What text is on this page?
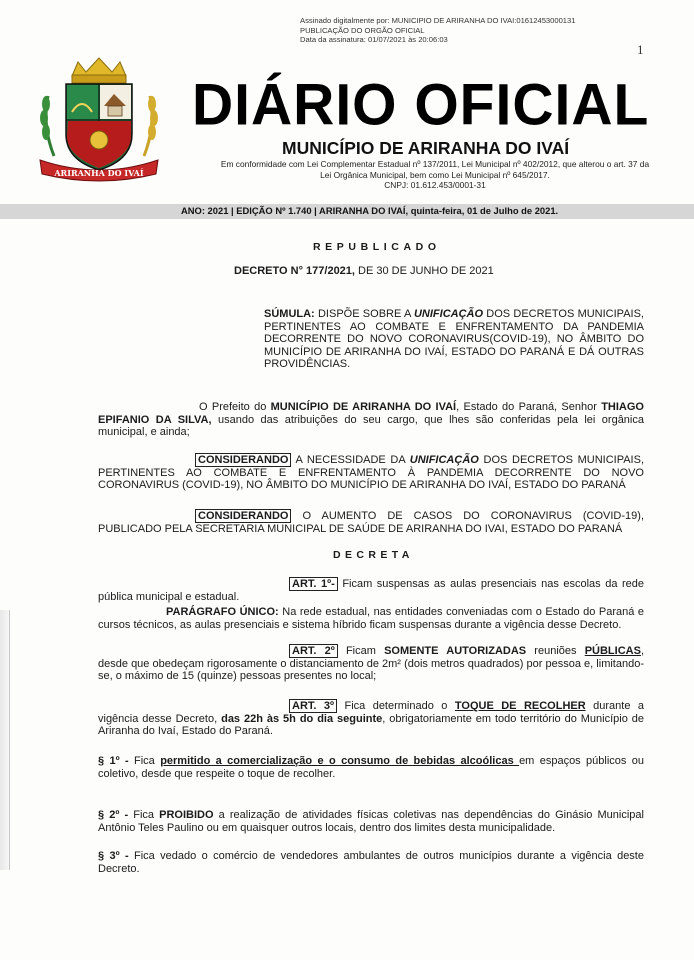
Assinado digitalmente por: MUNICIPIO DE ARIRANHA DO IVAI:01612453000131
PUBLICAÇÃO DO ORGÃO OFICIAL
Data da assinatura: 01/07/2021 às 20:06:03
1
ARIRANHA DO IVAÍ
DIÁRIO OFICIAL
MUNICÍPIO DE ARIRANHA DO IVAÍ
Em conformidade com Lei Complementar Estadual nº 137/2011, Lei Municipal nº 402/2012, que alterou o art. 37 da
Lei Orgânica Municipal, bem como Lei Municipal nº 645/2017.
CNPJ: 01.612.453/0001-31
ANO: 2021 | EDIÇÃO Nº 1.740 | ARIRANHA DO IVAÍ, quinta-feira, 01 de Julho de 2021.
REPUBLICADO
DECRETO N° 177/2021, DE 30 DE JUNHO DE 2021
SÚMULA: DISPÕE SOBRE A UNIFICAÇÃO DOS DECRETOS MUNICIPAIS, PERTINENTES AO COMBATE E ENFRENTAMENTO DA PANDEMIA DECORRENTE DO NOVO CORONAVIRUS(COVID-19), NO ÂMBITO DO MUNICÍPIO DE ARIRANHA DO IVAÍ, ESTADO DO PARANÁ E DÁ OUTRAS PROVIDÊNCIAS.
O Prefeito do MUNICÍPIO DE ARIRANHA DO IVAÍ, Estado do Paraná, Senhor THIAGO EPIFANIO DA SILVA, usando das atribuições do seu cargo, que lhes são conferidas pela lei orgânica municipal, e ainda;
CONSIDERANDO A NECESSIDADE DA UNIFICAÇÃO DOS DECRETOS MUNICIPAIS, PERTINENTES AO COMBATE E ENFRENTAMENTO À PANDEMIA DECORRENTE DO NOVO CORONAVIRUS (COVID-19), NO ÂMBITO DO MUNICÍPIO DE ARIRANHA DO IVAÍ, ESTADO DO PARANÁ
CONSIDERANDO O AUMENTO DE CASOS DO CORONAVIRUS (COVID-19), PUBLICADO PELA SECRETARIA MUNICIPAL DE SAÚDE DE ARIRANHA DO IVAI, ESTADO DO PARANÁ
DECRETA
ART. 1º- Ficam suspensas as aulas presenciais nas escolas da rede pública municipal e estadual.
PARÁGRAFO ÚNICO: Na rede estadual, nas entidades conveniadas com o Estado do Paraná e cursos técnicos, as aulas presenciais e sistema híbrido ficam suspensas durante a vigência desse Decreto.
ART. 2º Ficam SOMENTE AUTORIZADAS reuniões PÚBLICAS, desde que obedeçam rigorosamente o distanciamento de 2m² (dois metros quadrados) por pessoa e, limitando-se, o máximo de 15 (quinze) pessoas presentes no local;
ART. 3º Fica determinado o TOQUE DE RECOLHER durante a vigência desse Decreto, das 22h às 5h do dia seguinte, obrigatoriamente em todo território do Município de Ariranha do Ivaí, Estado do Paraná.
§ 1º - Fica permitido a comercialização e o consumo de bebidas alcoólicas em espaços públicos ou coletivo, desde que respeite o toque de recolher.
§ 2º - Fica PROIBIDO a realização de atividades físicas coletivas nas dependências do Ginásio Municipal Antônio Teles Paulino ou em quaisquer outros locais, dentro dos limites desta municipalidade.
§ 3º - Fica vedado o comércio de vendedores ambulantes de outros municípios durante a vigência deste Decreto.
